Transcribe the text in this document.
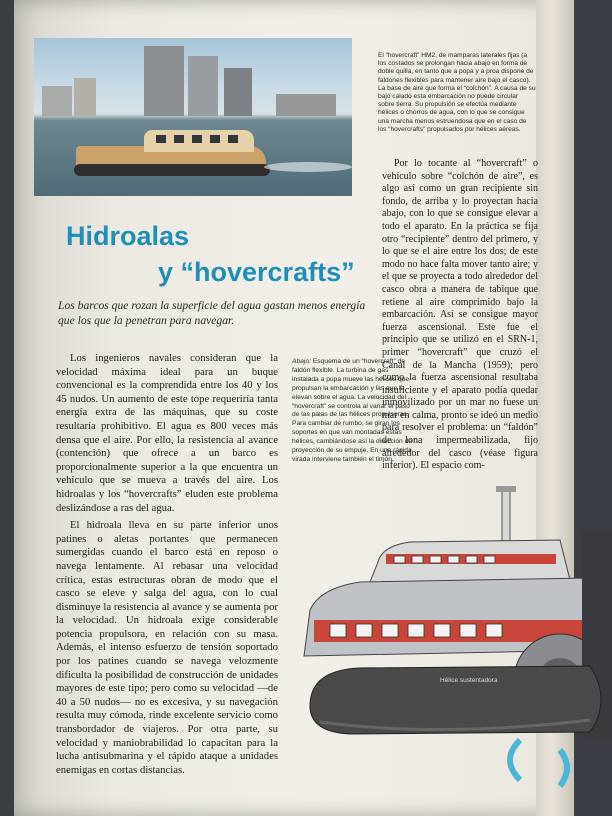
El “hovercraft” HM2, de mamparas laterales fijas (a los costados se prolongan hacia abajo en forma de doble quilla, en tanto que a popa y a proa dispone de faldones flexibles para mantener aire bajo el casco). La base de aire que forma el “colchón”. A causa de su bajo calado esta embarcación no puede circular sobre tierra. Su propulsión se efectúa mediante hélices o chorros de agua, con lo que se consigue una marcha menos estruendosa que en el caso de los “hovercrafts” propulsados por hélices aéreas.
Hidroalas
y “hovercrafts”
Los barcos que rozan la superficie del agua gastan menos energía que los que la penetran para navegar.

Los ingenieros navales consideran que la velocidad máxima ideal para un buque convencional es la comprendida entre los 40 y los 45 nudos. Un aumento de este tope requeriría tanta energía extra de las máquinas, que su coste resultaría prohibitivo. El agua es 800 veces más densa que el aire. Por ello, la resistencia al avance (contención) que ofrece a un barco es proporcionalmente superior a la que encuentra un vehículo que se mueva a través del aire. Los hidroalas y los “hovercrafts” eluden este problema deslizándose a ras del agua.

El hidroala lleva en su parte inferior unos patines o aletas portantes que permanecen sumergidas cuando el barco está en reposo o navega lentamente. Al rebasar una velocidad crítica, estas estructuras obran de modo que el casco se eleve y salga del agua, con lo cual disminuye la resistencia al avance y se aumenta por la velocidad. Un hidroala exige considerable potencia propulsora, en relación con su masa. Además, el intenso esfuerzo de tensión soportado por los patines cuando se navega velozmente dificulta la posibilidad de construcción de unidades mayores de este tipo; pero como su velocidad —de 40 a 50 nudos— no es excesiva, y su navegación resulta muy cómoda, rinde excelente servicio como transbordador de viajeros. Por otra parte, su velocidad y maniobrabilidad lo capacitan para la lucha antisubmarina y el rápido ataque a unidades enemigas en cortas distancias.

Abajo: Esquema de un “hovercraft” de faldón flexible. La turbina de gas instalada a popa mueve las hélices que propulsan la embarcación y las que la elevan sobre el agua. La velocidad del “hovercraft” se controla al variar el paso de las palas de las hélices propulsoras. Para cambiar de rumbo, se giran los soportes en que van montadas estas hélices, cambiándose así la dirección de proyección de su empuje. En una rápida virada interviene también el timón.

Por lo tocante al “hovercraft” o vehículo sobre “colchón de aire”, es algo así como un gran recipiente sin fondo, de arriba y lo proyectan hacia abajo, con lo que se consigue elevar a todo el aparato. En la práctica se fija otro “recipiente” dentro del primero, y lo que se el aire entre los dos; de este modo no hace falta mover tanto aire; y el que se proyecta a todo alrededor del casco obra a manera de tabique que retiene al aire comprimido bajo la embarcación. Así se consigue mayor fuerza ascensional. Este fue el principio que se utilizó en el SRN-1, primer “hovercraft” que cruzó el Canal de la Mancha (1959); pero como la fuerza ascensional resultaba insuficiente y el aparato podía quedar inmovilizado por un mar no fuese un mar en calma, pronto se ideó un medio para resolver el problema: un “faldón” de lona impermeabilizada, fijo alrededor del casco (véase figura inferior). El espacio com-

Hélice sustentadora
